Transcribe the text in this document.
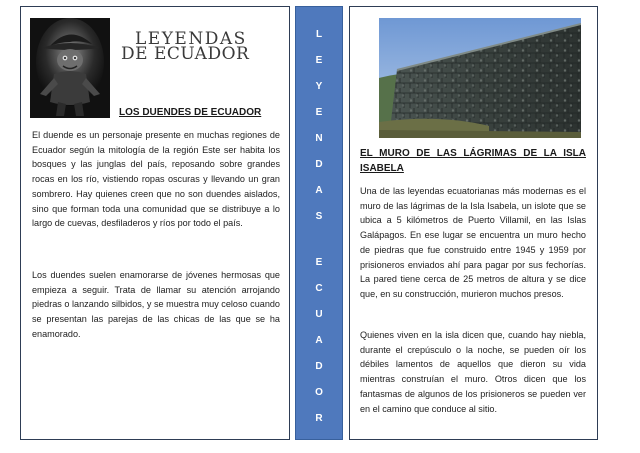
L
E
Y
E
N
D
A
S
E
C
U
A
D
O
R
LEYENDAS
DE ECUADOR
LOS DUENDES DE ECUADOR

El duende es un personaje presente en muchas regiones de Ecuador según la mitología de la región Este ser habita los bosques y las junglas del país, reposando sobre grandes rocas en los río, vistiendo ropas oscuras y llevando un gran sombrero. Hay quienes creen que no son duendes aislados, sino que forman toda una comunidad que se distribuye a lo largo de cuevas, desfiladeros y ríos por todo el país.

Los duendes suelen enamorarse de jóvenes hermosas que empieza a seguir. Trata de llamar su atención arrojando piedras o lanzando silbidos, y se muestra muy celoso cuando se presentan las parejas de las chicas de las que se ha enamorado.

EL MURO DE LAS LÁGRIMAS DE LA ISLA ISABELA

Una de las leyendas ecuatorianas más modernas es el muro de las lágrimas de la Isla Isabela, un islote que se ubica a 5 kilómetros de Puerto Villamil, en las Islas Galápagos. En ese lugar se encuentra un muro hecho de piedras que fue construido entre 1945 y 1959 por prisioneros enviados ahí para pagar por sus fechorías. La pared tiene cerca de 25 metros de altura y se dice que, en su construcción, murieron muchos presos.

Quienes viven en la isla dicen que, cuando hay niebla, durante el crepúsculo o la noche, se pueden oír los débiles lamentos de aquellos que dieron su vida mientras construían el muro. Otros dicen que los fantasmas de algunos de los prisioneros se pueden ver en el camino que conduce al sitio.
